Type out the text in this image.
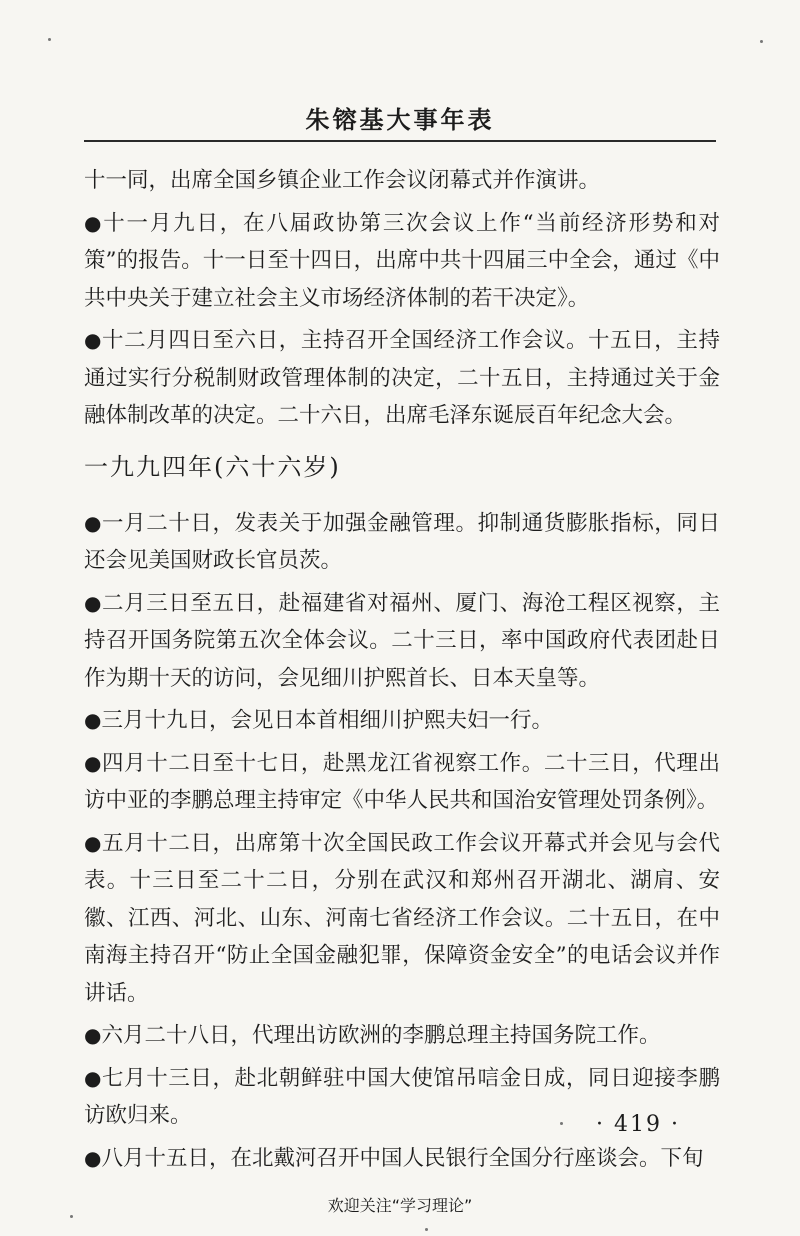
朱镕基大事年表

十一同，出席全国乡镇企业工作会议闭幕式并作演讲。

●十一月九日，在八届政协第三次会议上作“当前经济形势和对策”的报告。十一日至十四日，出席中共十四届三中全会，通过《中共中央关于建立社会主义市场经济体制的若干决定》。

●十二月四日至六日，主持召开全国经济工作会议。十五日，主持通过实行分税制财政管理体制的决定，二十五日，主持通过关于金融体制改革的决定。二十六日，出席毛泽东诞辰百年纪念大会。

一九九四年(六十六岁)

●一月二十日，发表关于加强金融管理。抑制通货膨胀指标，同日还会见美国财政长官员茨。

●二月三日至五日，赴福建省对福州、厦门、海沧工程区视察，主持召开国务院第五次全体会议。二十三日，率中国政府代表团赴日作为期十天的访问，会见细川护熙首长、日本天皇等。

●三月十九日，会见日本首相细川护熙夫妇一行。

●四月十二日至十七日，赴黑龙江省视察工作。二十三日，代理出访中亚的李鹏总理主持审定《中华人民共和国治安管理处罚条例》。

●五月十二日，出席第十次全国民政工作会议开幕式并会见与会代表。十三日至二十二日，分别在武汉和郑州召开湖北、湖肩、安徽、江西、河北、山东、河南七省经济工作会议。二十五日，在中南海主持召开“防止全国金融犯罪，保障资金安全”的电话会议并作讲话。

●六月二十八日，代理出访欧洲的李鹏总理主持国务院工作。

●七月十三日，赴北朝鲜驻中国大使馆吊唁金日成，同日迎接李鹏访欧归来。

●八月十五日，在北戴河召开中国人民银行全国分行座谈会。下旬

· 419 ·
欢迎关注“学习理论”
